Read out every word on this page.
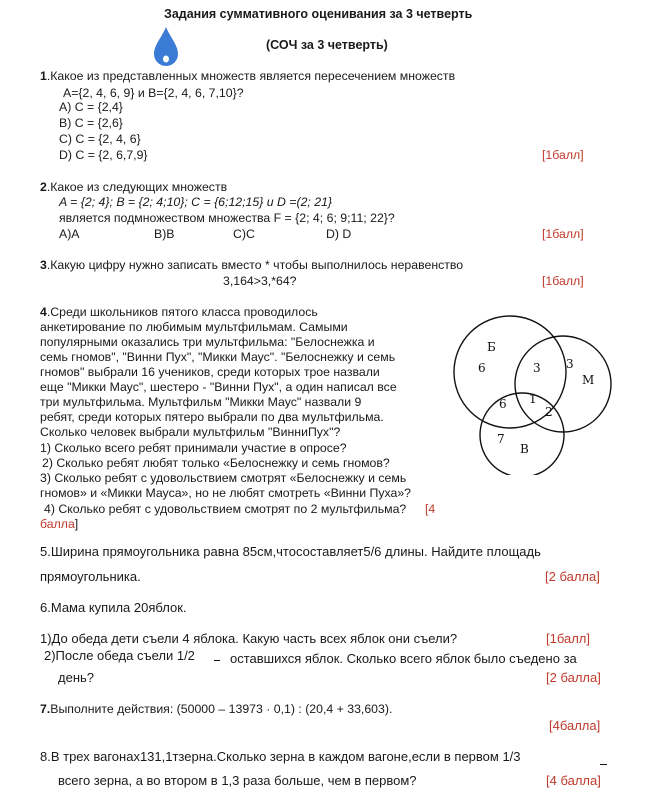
Задания суммативного оценивания за 3 четверть
(СОЧ за 3 четверть)
1.Какое из представленных множеств является пересечением множеств
A={2, 4, 6, 9} и B={2, 4, 6, 7,10}?
A) C = {2,4}
B) C = {2,6}
C) C = {2, 4, 6}
D) C = {2, 6,7,9}	[1балл]
2.Какое из следующих множеств
A = {2; 4}; B = {2; 4;10}; C = {6;12;15} и D =(2; 21}
является подмножеством множества F = {2; 4; 6; 9;11; 22}?
A)A	B)B	C)C	D) D	[1балл]
3.Какую цифру нужно записать вместо * чтобы выполнилось неравенство
3,164>3,*64?	[1балл]
4.Среди школьников пятого класса проводилось
анкетирование по любимым мультфильмам. Самыми
популярными оказались три мультфильма: "Белоснежка и
семь гномов", "Винни Пух", "Микки Маус". "Белоснежку и семь
гномов" выбрали 16 учеников, среди которых трое назвали
еще "Микки Маус", шестеро - "Винни Пух", а один написал все
три мультфильма. Мультфильм "Микки Маус" назвали 9
ребят, среди которых пятеро выбрали по два мультфильма.
Сколько человек выбрали мультфильм "ВинниПух"?
1) Сколько всего ребят принимали участие в опросе?
2) Сколько ребят любят только «Белоснежку и семь гномов?
3) Сколько ребят с удовольствием смотрят «Белоснежку и семь
гномов» и «Микки Мауса», но не любят смотреть «Винни Пуха»?
4) Сколько ребят с удовольствием смотрят по 2 мультфильма? [4
балла]
Б
М
В
6	3 3
6 1
2
7
5.Ширина прямоугольника равна 85см,чтосоставляет5/6 длины. Найдите площадь
прямоугольника.	[2 балла]
6.Мама купила 20яблок.
1)До обеда дети съели 4 яблока. Какую часть всех яблок они съели?	[1балл]
2)После обеда съели 1/2	оставшихся яблок. Сколько всего яблок было съедено за
день?	[2 балла]
7.Выполните действия: (50000 – 13973 · 0,1) : (20,4 + 33,603).
[4балла]
8.В трех вагонах131,1тзерна.Сколько зерна в каждом вагоне,если в первом 1/3
всего зерна, а во втором в 1,3 раза больше, чем в первом?	[4 балла]
